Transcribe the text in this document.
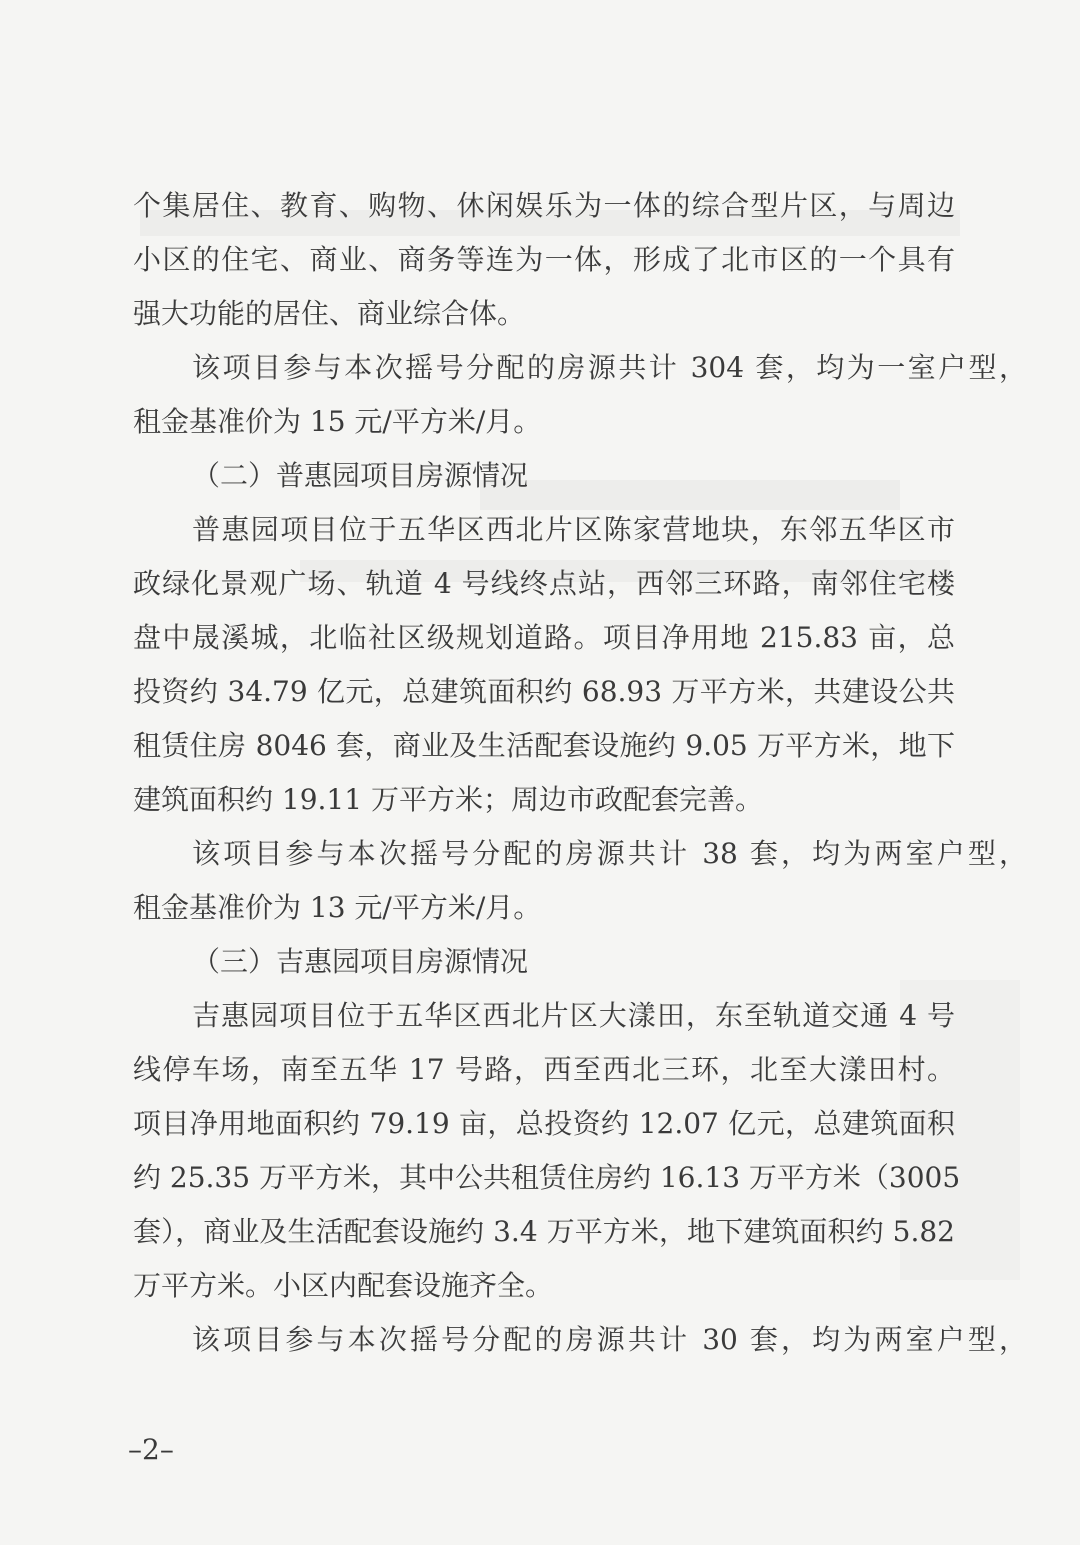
个集居住、教育、购物、休闲娱乐为一体的综合型片区，与周边
小区的住宅、商业、商务等连为一体，形成了北市区的一个具有
强大功能的居住、商业综合体。
该项目参与本次摇号分配的房源共计 304 套，均为一室户型，
租金基准价为 15 元/平方米/月。
（二）普惠园项目房源情况
普惠园项目位于五华区西北片区陈家营地块，东邻五华区市
政绿化景观广场、轨道 4 号线终点站，西邻三环路，南邻住宅楼
盘中晟溪城，北临社区级规划道路。项目净用地 215.83 亩，总
投资约 34.79 亿元，总建筑面积约 68.93 万平方米，共建设公共
租赁住房 8046 套，商业及生活配套设施约 9.05 万平方米，地下
建筑面积约 19.11 万平方米；周边市政配套完善。
该项目参与本次摇号分配的房源共计 38 套，均为两室户型，
租金基准价为 13 元/平方米/月。
（三）吉惠园项目房源情况
吉惠园项目位于五华区西北片区大漾田，东至轨道交通 4 号
线停车场，南至五华 17 号路，西至西北三环，北至大漾田村。
项目净用地面积约 79.19 亩，总投资约 12.07 亿元，总建筑面积
约 25.35 万平方米，其中公共租赁住房约 16.13 万平方米（3005
套），商业及生活配套设施约 3.4 万平方米，地下建筑面积约 5.82
万平方米。小区内配套设施齐全。
该项目参与本次摇号分配的房源共计 30 套，均为两室户型，
–2–
